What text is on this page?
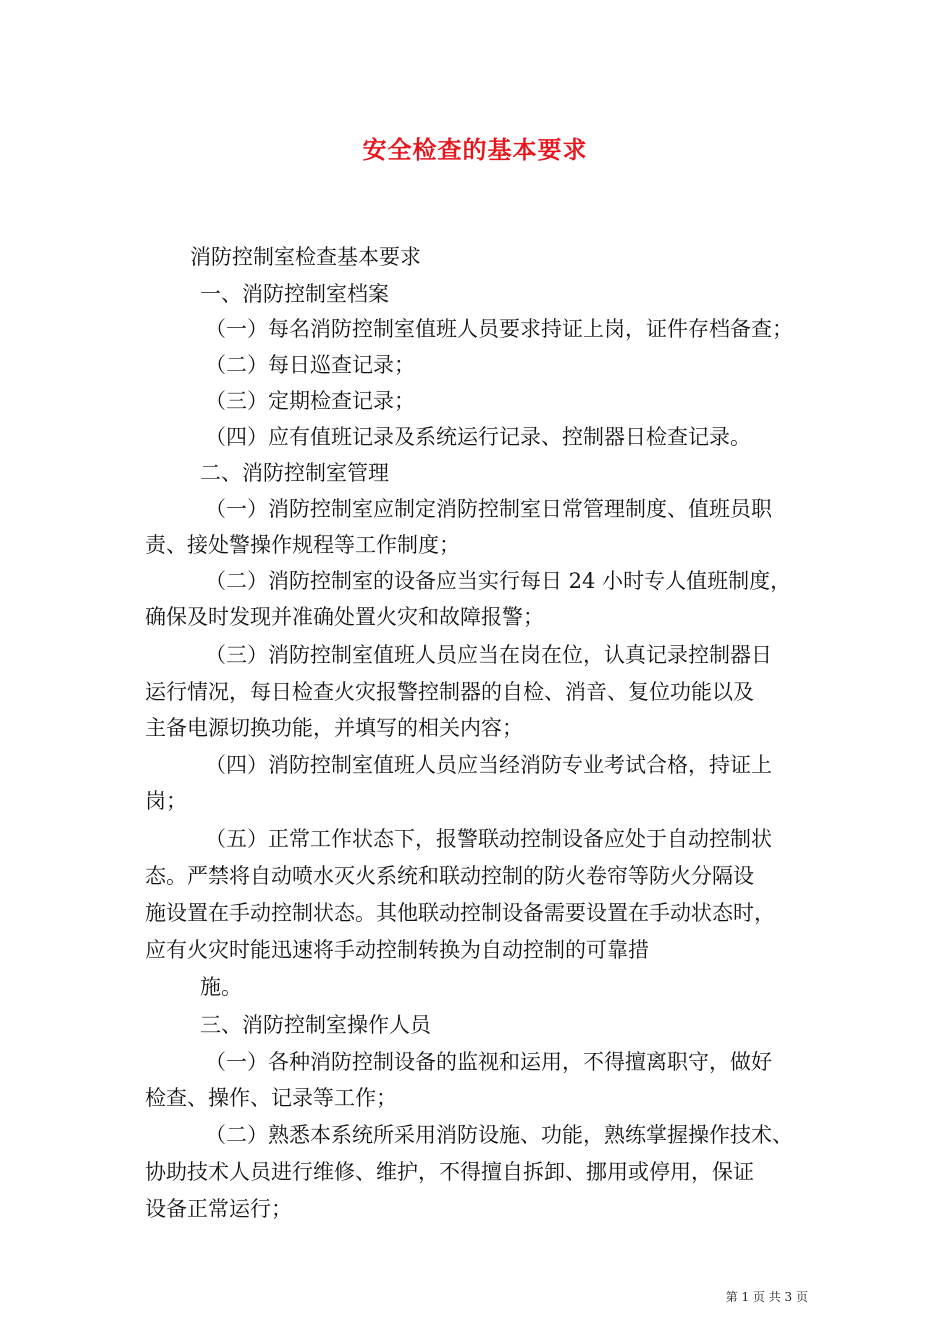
安全检查的基本要求
消防控制室检查基本要求
一、消防控制室档案
（一）每名消防控制室值班人员要求持证上岗，证件存档备查；
（二）每日巡查记录；
（三）定期检查记录；
（四）应有值班记录及系统运行记录、控制器日检查记录。
二、消防控制室管理
（一）消防控制室应制定消防控制室日常管理制度、值班员职
责、接处警操作规程等工作制度；
（二）消防控制室的设备应当实行每日 24 小时专人值班制度，
确保及时发现并准确处置火灾和故障报警；
（三）消防控制室值班人员应当在岗在位，认真记录控制器日
运行情况，每日检查火灾报警控制器的自检、消音、复位功能以及
主备电源切换功能，并填写的相关内容；
（四）消防控制室值班人员应当经消防专业考试合格，持证上
岗；
（五）正常工作状态下，报警联动控制设备应处于自动控制状
态。严禁将自动喷水灭火系统和联动控制的防火卷帘等防火分隔设
施设置在手动控制状态。其他联动控制设备需要设置在手动状态时，
应有火灾时能迅速将手动控制转换为自动控制的可靠措
施。
三、消防控制室操作人员
（一）各种消防控制设备的监视和运用，不得擅离职守，做好
检查、操作、记录等工作；
（二）熟悉本系统所采用消防设施、功能，熟练掌握操作技术、
协助技术人员进行维修、维护，不得擅自拆卸、挪用或停用，保证
设备正常运行；
第 1 页 共 3 页
